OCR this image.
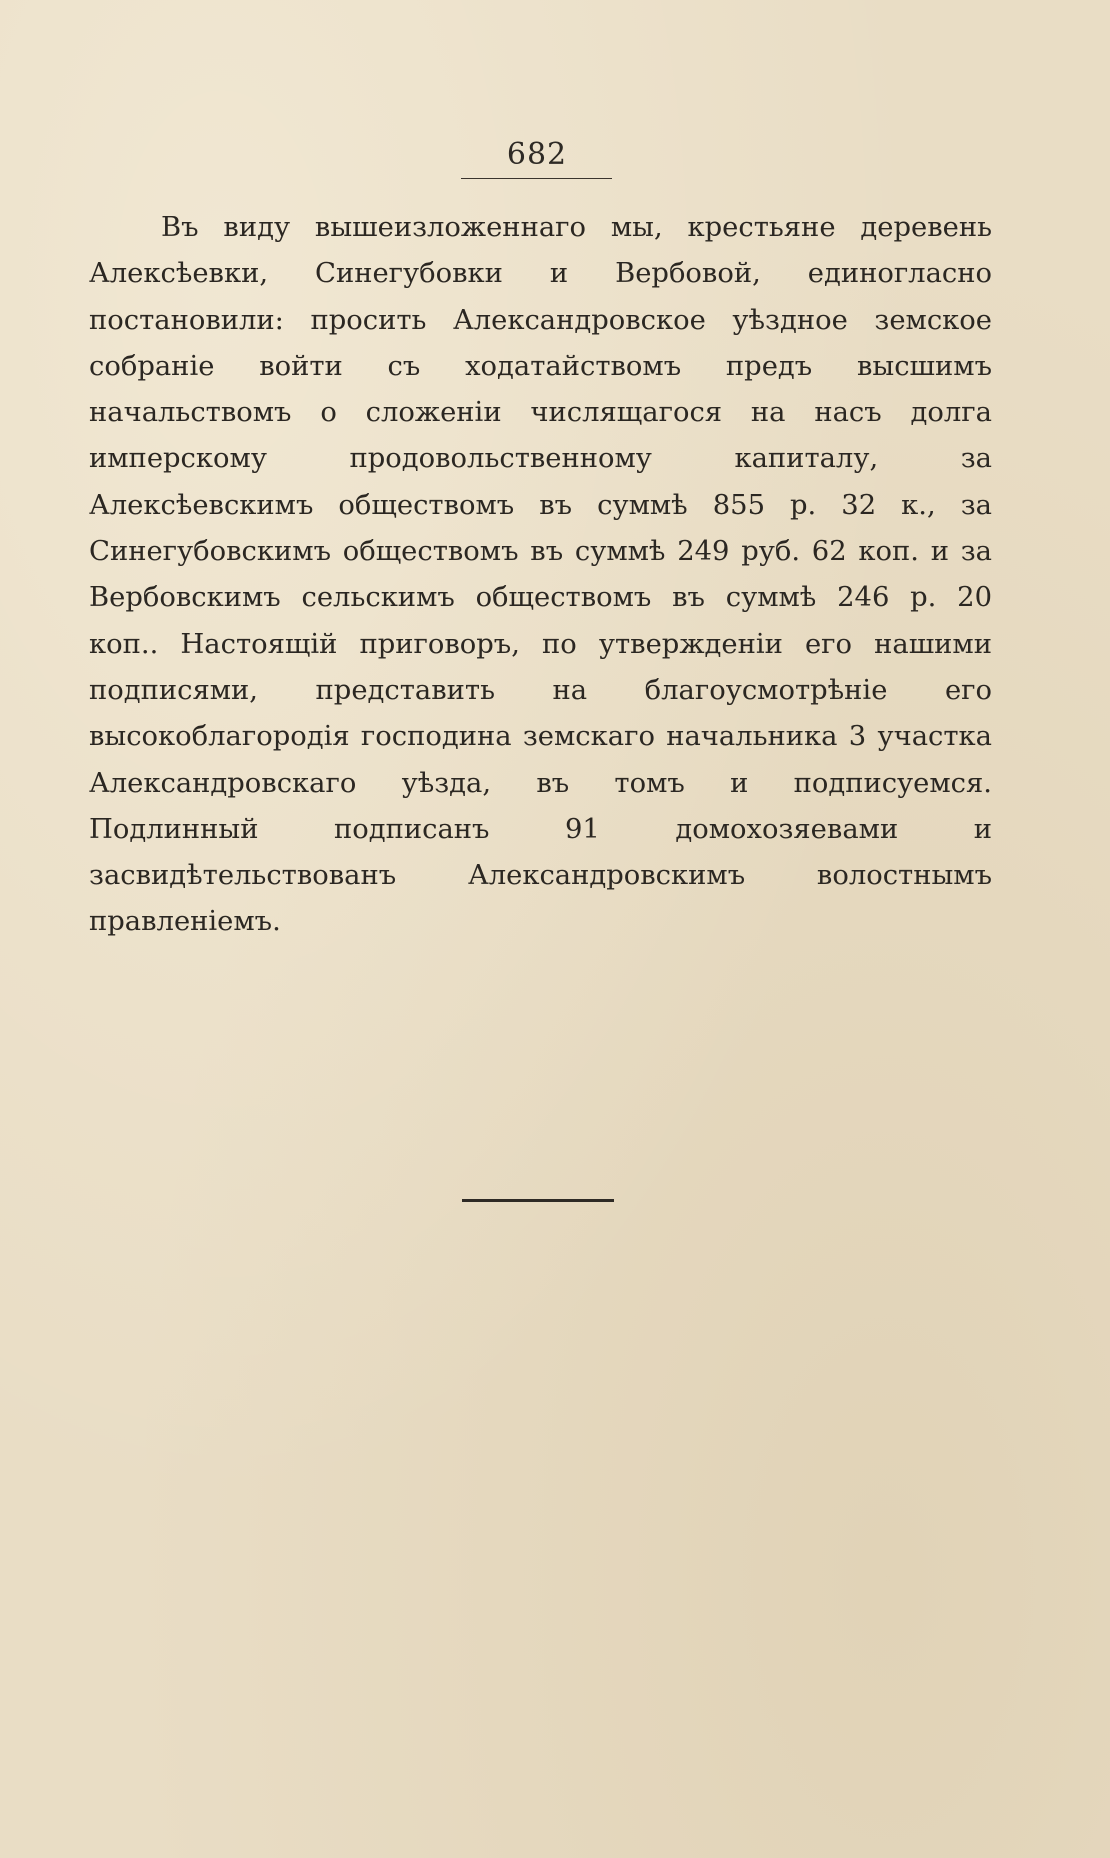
682

Въ виду вышеизложеннаго мы, крестьяне деревень Алексѣевки, Синегубовки и Вербовой, единогласно постановили: просить Александровское уѣздное земское собраніе войти съ ходатайствомъ предъ высшимъ начальствомъ о сложеніи числящагося на насъ долга имперскому продовольственному капиталу, за Алексѣевскимъ обществомъ въ суммѣ 855 р. 32 к., за Синегубовскимъ обществомъ въ суммѣ 249 руб. 62 коп. и за Вербовскимъ сельскимъ обществомъ въ суммѣ 246 р. 20 коп.. Настоящій приговоръ, по утвержденіи его нашими подписями, представить на благоусмотрѣніе его высокоблагородія господина земскаго начальника 3 участка Александровскаго уѣзда, въ томъ и подписуемся. Подлинный подписанъ 91 домохозяевами и засвидѣтельствованъ Александровскимъ волостнымъ правленіемъ.
